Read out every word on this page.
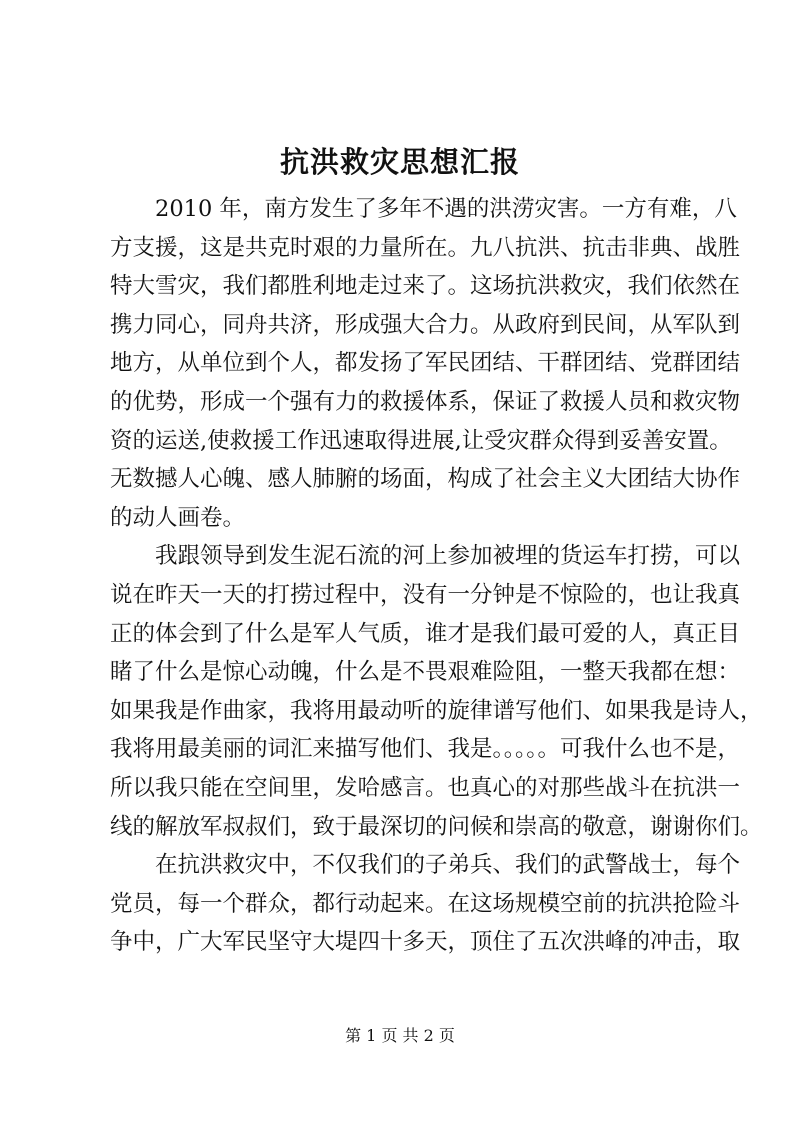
抗洪救灾思想汇报
2010 年，南方发生了多年不遇的洪涝灾害。一方有难，八
方支援，这是共克时艰的力量所在。九八抗洪、抗击非典、战胜
特大雪灾，我们都胜利地走过来了。这场抗洪救灾，我们依然在
携力同心，同舟共济，形成强大合力。从政府到民间，从军队到
地方，从单位到个人，都发扬了军民团结、干群团结、党群团结
的优势，形成一个强有力的救援体系，保证了救援人员和救灾物
资的运送,使救援工作迅速取得进展,让受灾群众得到妥善安置。
无数撼人心魄、感人肺腑的场面，构成了社会主义大团结大协作
的动人画卷。
我跟领导到发生泥石流的河上参加被埋的货运车打捞，可以
说在昨天一天的打捞过程中，没有一分钟是不惊险的，也让我真
正的体会到了什么是军人气质，谁才是我们最可爱的人，真正目
睹了什么是惊心动魄，什么是不畏艰难险阻，一整天我都在想：
如果我是作曲家，我将用最动听的旋律谱写他们、如果我是诗人，
我将用最美丽的词汇来描写他们、我是。。。。。可我什么也不是，
所以我只能在空间里，发哈感言。也真心的对那些战斗在抗洪一
线的解放军叔叔们，致于最深切的问候和崇高的敬意，谢谢你们。
在抗洪救灾中，不仅我们的子弟兵、我们的武警战士，每个
党员，每一个群众，都行动起来。在这场规模空前的抗洪抢险斗
争中，广大军民坚守大堤四十多天，顶住了五次洪峰的冲击，取
第 1 页 共 2 页
